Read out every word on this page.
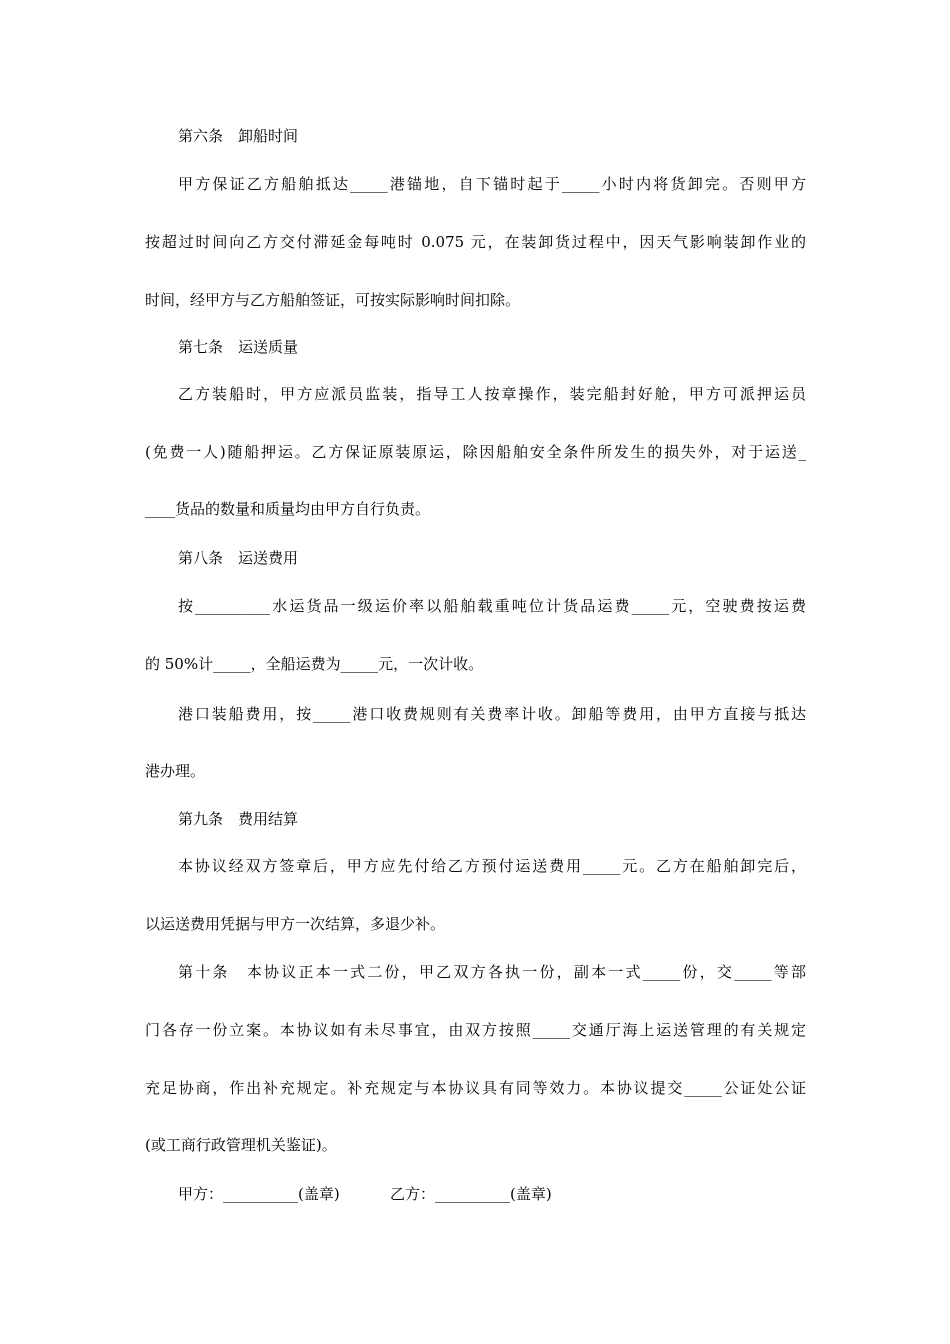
第六条　卸船时间

甲方保证乙方船舶抵达_____港锚地，自下锚时起于_____小时内将货卸完。否则甲方

按超过时间向乙方交付滞延金每吨时 0.075 元，在装卸货过程中，因天气影响装卸作业的

时间，经甲方与乙方船舶签证，可按实际影响时间扣除。

第七条　运送质量

乙方装船时，甲方应派员监装，指导工人按章操作，装完船封好舱，甲方可派押运员

(免费一人)随船押运。乙方保证原装原运，除因船舶安全条件所发生的损失外，对于运送_

____货品的数量和质量均由甲方自行负责。

第八条　运送费用

按__________水运货品一级运价率以船舶载重吨位计货品运费_____元，空驶费按运费

的 50%计_____，全船运费为_____元，一次计收。

港口装船费用，按_____港口收费规则有关费率计收。卸船等费用，由甲方直接与抵达

港办理。

第九条　费用结算

本协议经双方签章后，甲方应先付给乙方预付运送费用_____元。乙方在船舶卸完后，

以运送费用凭据与甲方一次结算，多退少补。

第十条　本协议正本一式二份，甲乙双方各执一份，副本一式_____份，交_____等部

门各存一份立案。本协议如有未尽事宜，由双方按照_____交通厅海上运送管理的有关规定

充足协商，作出补充规定。补充规定与本协议具有同等效力。本协议提交_____公证处公证

(或工商行政管理机关鉴证)。

甲方：__________(盖章)	乙方：__________(盖章)
